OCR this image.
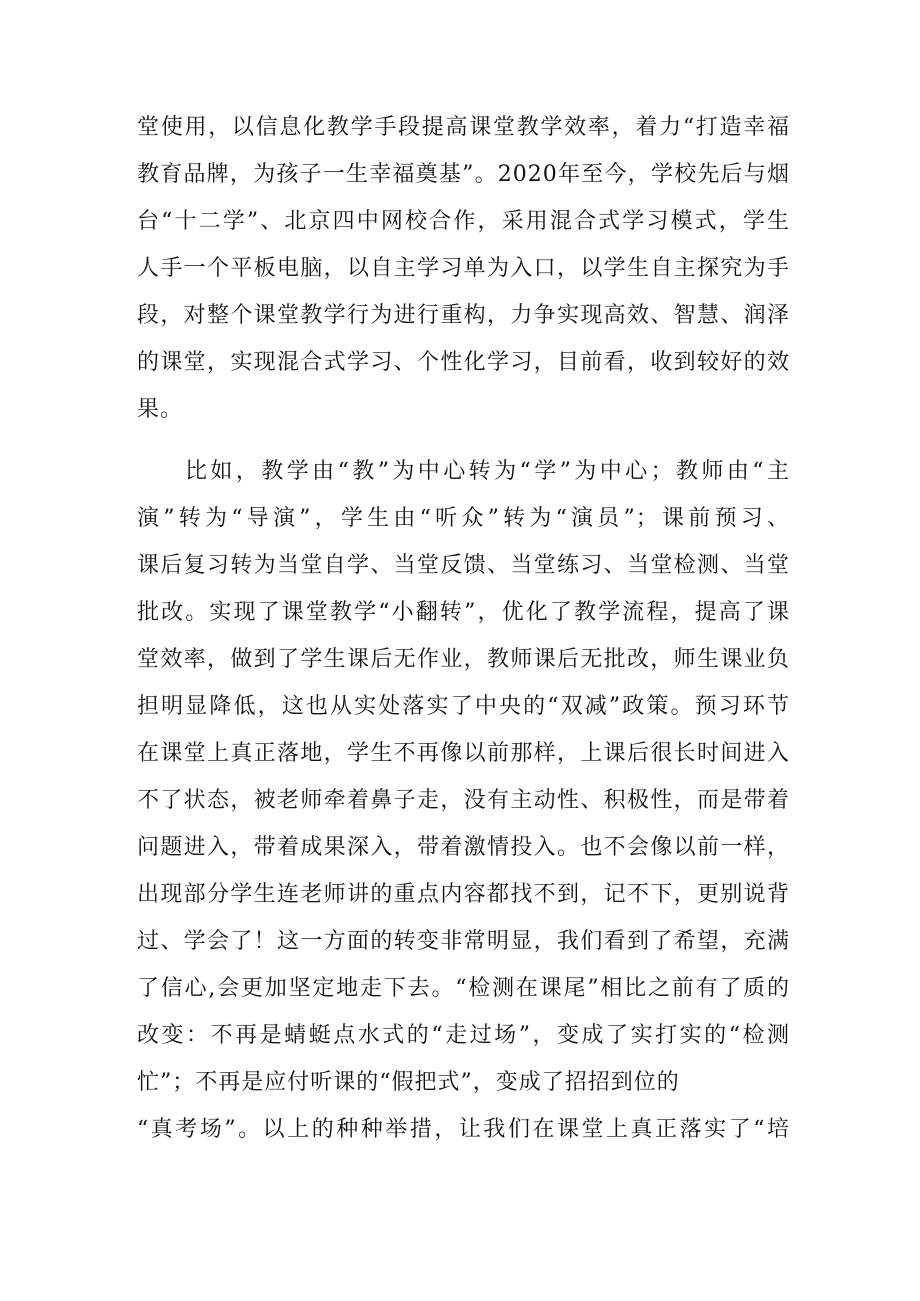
堂使用，以信息化教学手段提高课堂教学效率，着力“打造幸福
教育品牌，为孩子一生幸福奠基”。2020年至今，学校先后与烟
台“十二学”、北京四中网校合作，采用混合式学习模式，学生
人手一个平板电脑，以自主学习单为入口，以学生自主探究为手
段，对整个课堂教学行为进行重构，力争实现高效、智慧、润泽
的课堂，实现混合式学习、个性化学习，目前看，收到较好的效
果。
比如，教学由“教”为中心转为“学”为中心；教师由“主
演”转为“导演”，学生由“听众”转为“演员”；课前预习、
课后复习转为当堂自学、当堂反馈、当堂练习、当堂检测、当堂
批改。实现了课堂教学“小翻转”，优化了教学流程，提高了课
堂效率，做到了学生课后无作业，教师课后无批改，师生课业负
担明显降低，这也从实处落实了中央的“双减”政策。预习环节
在课堂上真正落地，学生不再像以前那样，上课后很长时间进入
不了状态，被老师牵着鼻子走，没有主动性、积极性，而是带着
问题进入，带着成果深入，带着激情投入。也不会像以前一样，
出现部分学生连老师讲的重点内容都找不到，记不下，更别说背
过、学会了！这一方面的转变非常明显，我们看到了希望，充满
了信心,会更加坚定地走下去。“检测在课尾”相比之前有了质的
改变：不再是蜻蜓点水式的“走过场”，变成了实打实的“检测
忙”；不再是应付听课的“假把式”，变成了招招到位的
“真考场”。以上的种种举措，让我们在课堂上真正落实了“培
